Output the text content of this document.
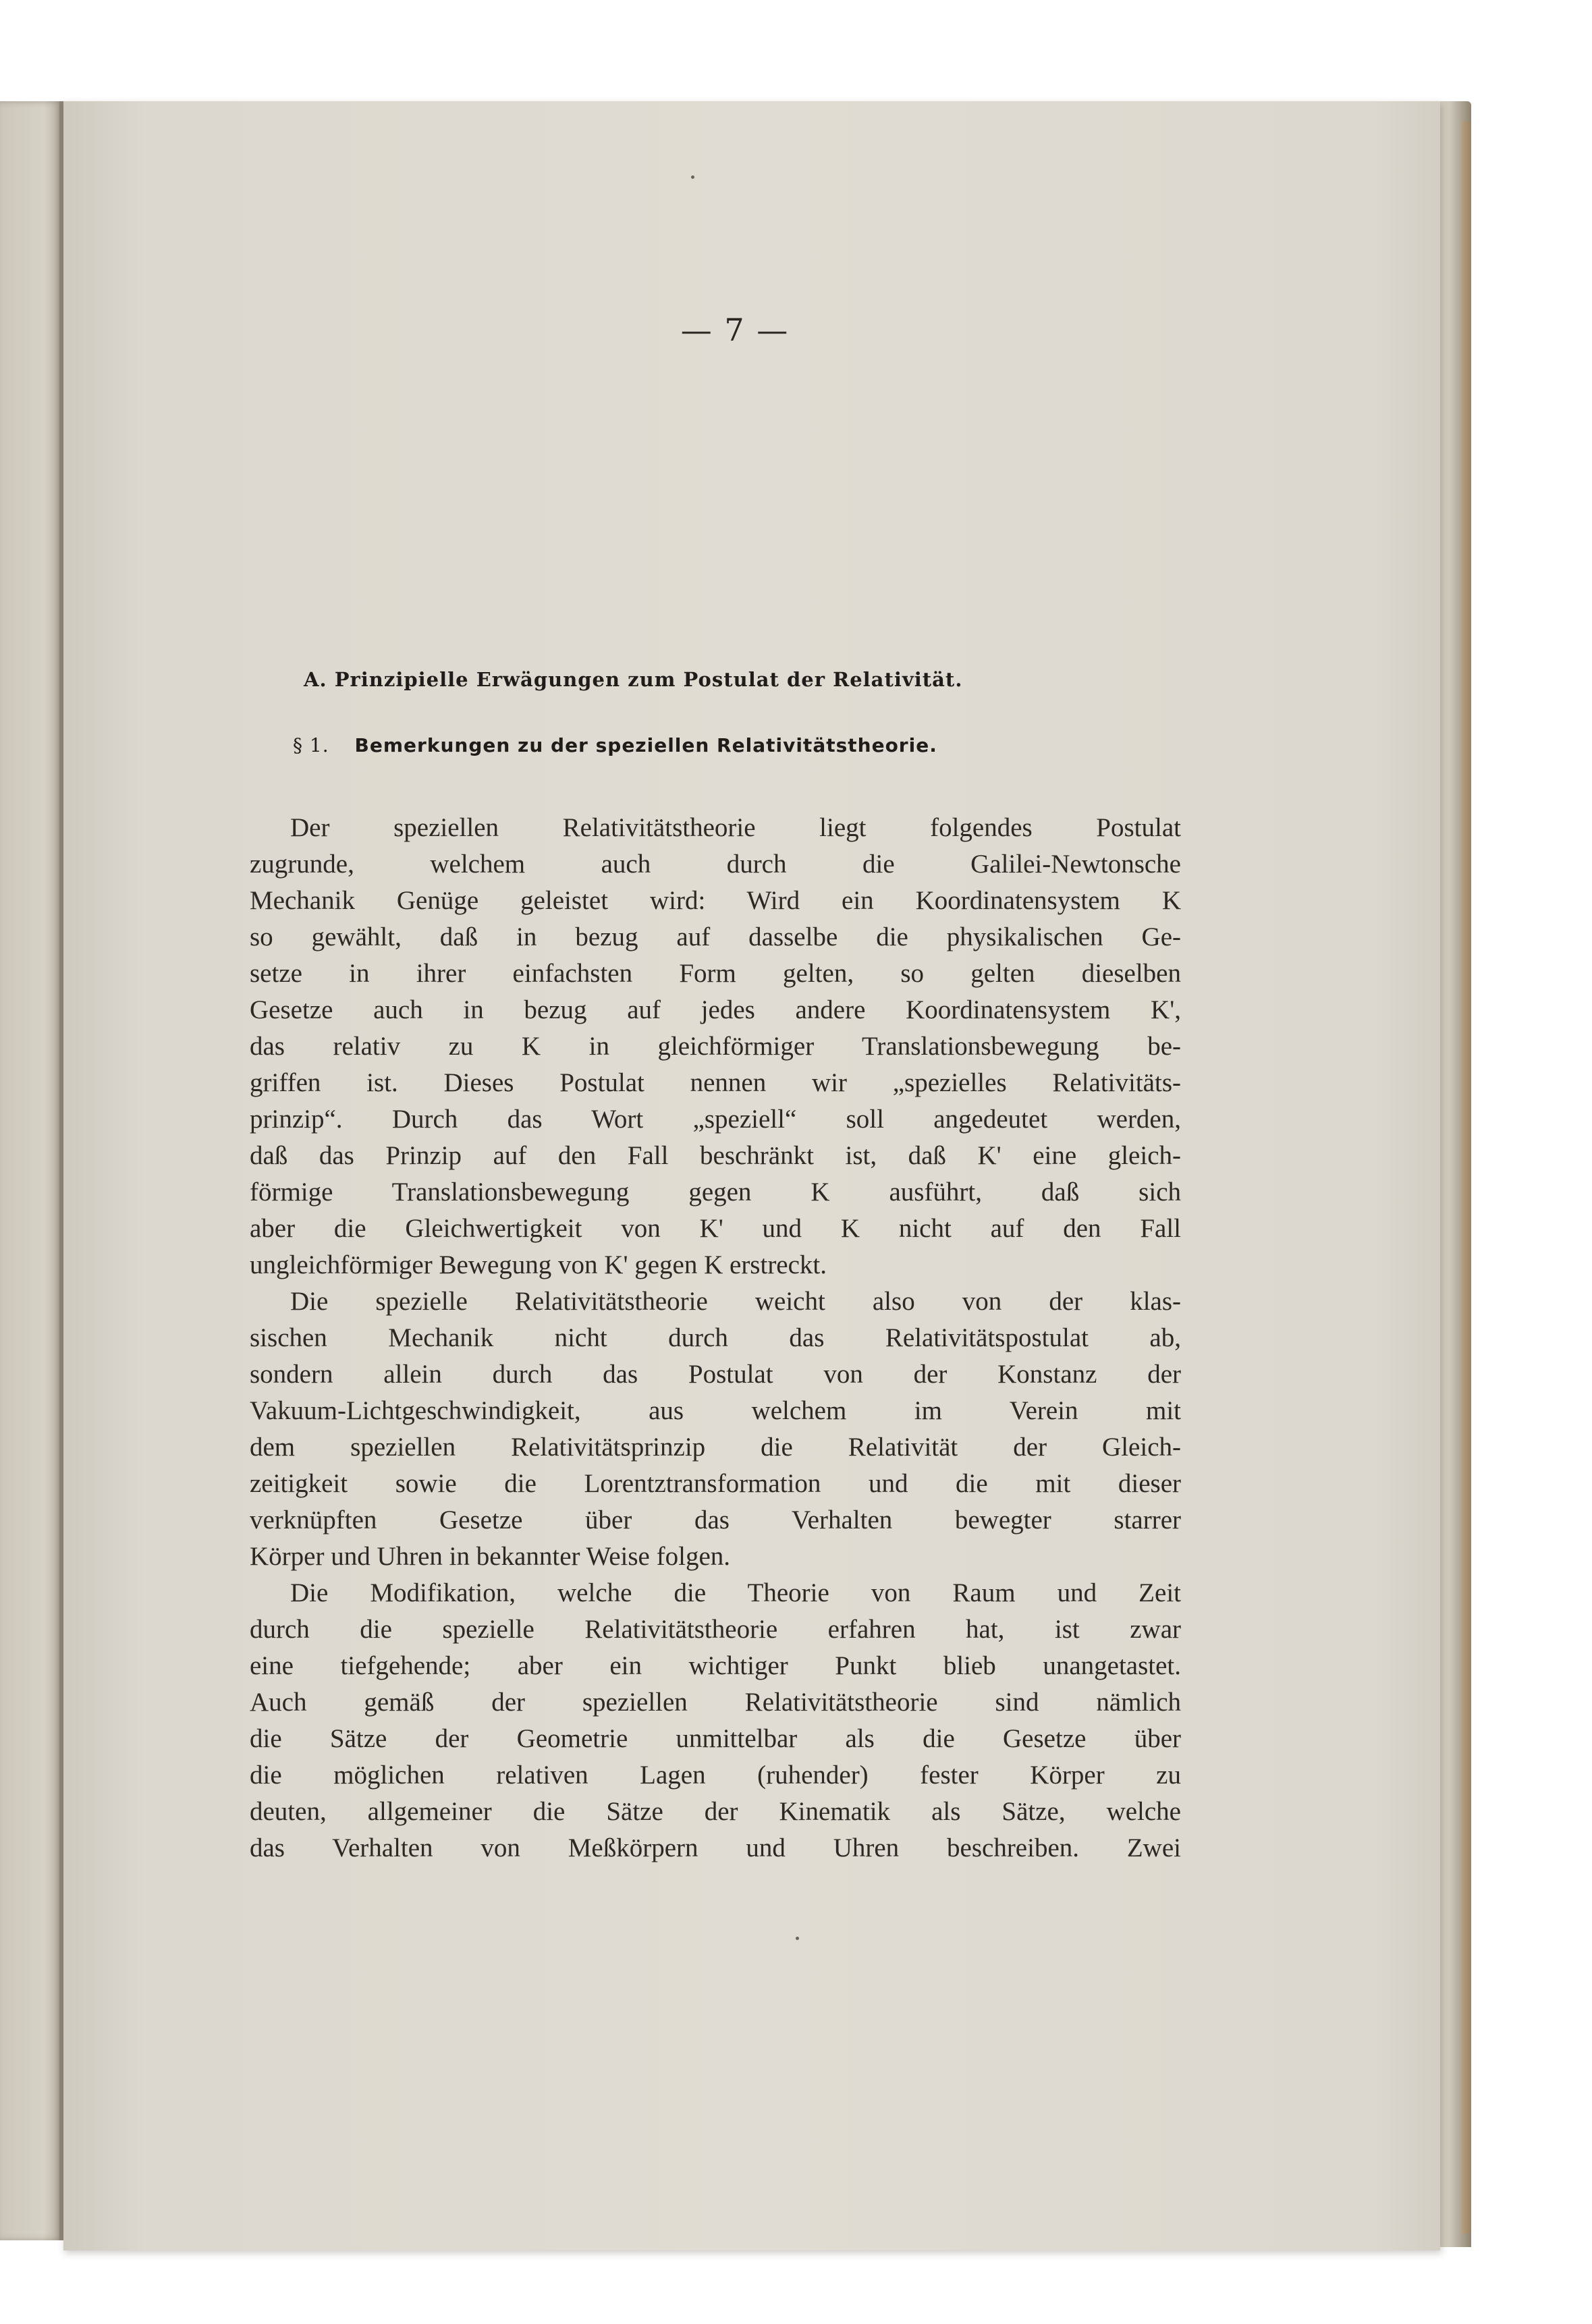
— 7 —
A. Prinzipielle Erwägungen zum Postulat der Relativität.
§ 1. Bemerkungen zu der speziellen Relativitätstheorie.
Der speziellen Relativitätstheorie liegt folgendes Postulat
zugrunde, welchem auch durch die Galilei-Newtonsche
Mechanik Genüge geleistet wird: Wird ein Koordinatensystem K
so gewählt, daß in bezug auf dasselbe die physikalischen Ge-
setze in ihrer einfachsten Form gelten, so gelten dieselben
Gesetze auch in bezug auf jedes andere Koordinatensystem K',
das relativ zu K in gleichförmiger Translationsbewegung be-
griffen ist. Dieses Postulat nennen wir „spezielles Relativitäts-
prinzip“. Durch das Wort „speziell“ soll angedeutet werden,
daß das Prinzip auf den Fall beschränkt ist, daß K' eine gleich-
förmige Translationsbewegung gegen K ausführt, daß sich
aber die Gleichwertigkeit von K' und K nicht auf den Fall
ungleichförmiger Bewegung von K' gegen K erstreckt.
Die spezielle Relativitätstheorie weicht also von der klas-
sischen Mechanik nicht durch das Relativitätspostulat ab,
sondern allein durch das Postulat von der Konstanz der
Vakuum-Lichtgeschwindigkeit, aus welchem im Verein mit
dem speziellen Relativitätsprinzip die Relativität der Gleich-
zeitigkeit sowie die Lorentztransformation und die mit dieser
verknüpften Gesetze über das Verhalten bewegter starrer
Körper und Uhren in bekannter Weise folgen.
Die Modifikation, welche die Theorie von Raum und Zeit
durch die spezielle Relativitätstheorie erfahren hat, ist zwar
eine tiefgehende; aber ein wichtiger Punkt blieb unangetastet.
Auch gemäß der speziellen Relativitätstheorie sind nämlich
die Sätze der Geometrie unmittelbar als die Gesetze über
die möglichen relativen Lagen (ruhender) fester Körper zu
deuten, allgemeiner die Sätze der Kinematik als Sätze, welche
das Verhalten von Meßkörpern und Uhren beschreiben. Zwei
